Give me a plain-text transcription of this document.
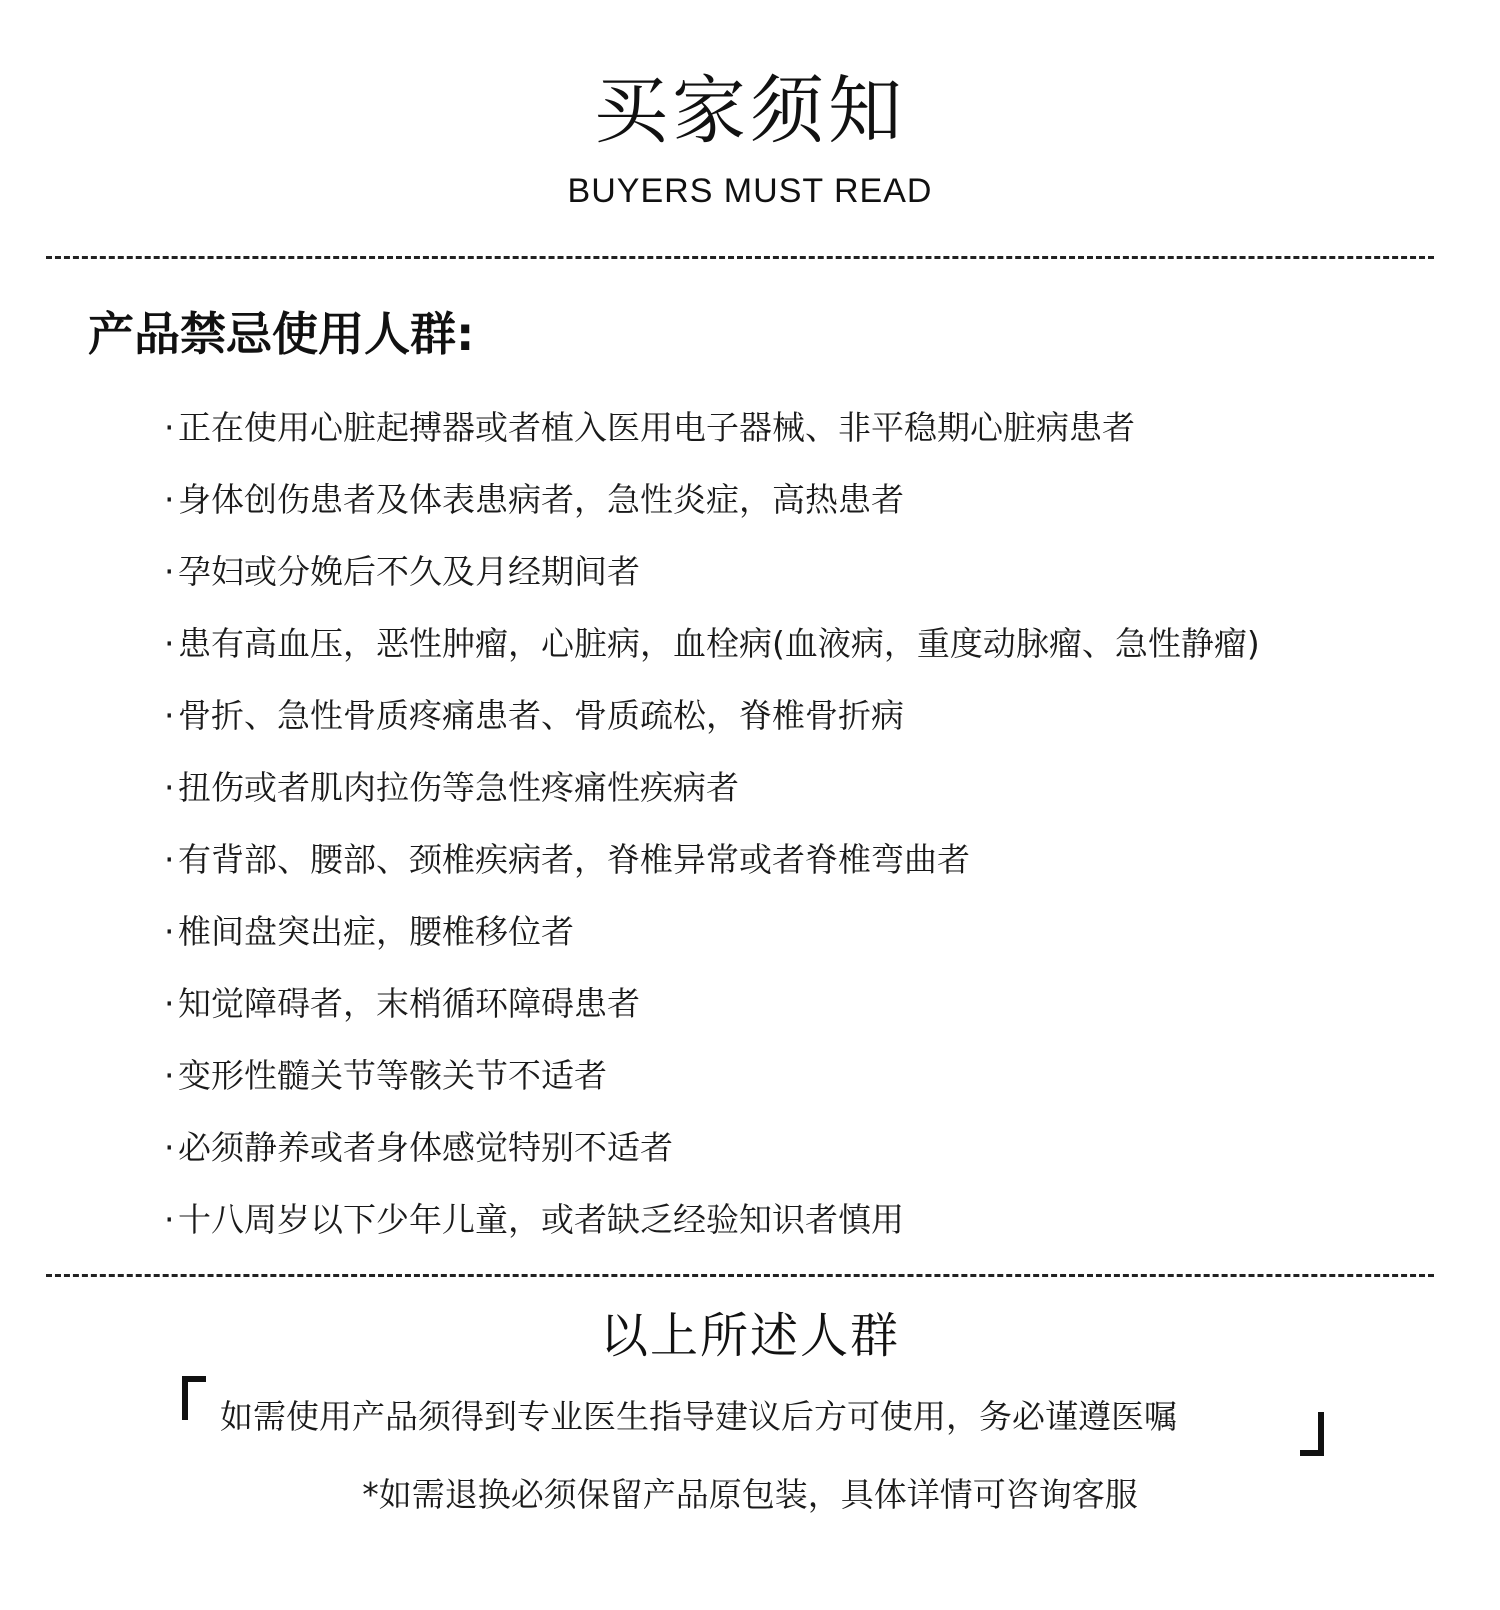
买家须知
BUYERS MUST READ
产品禁忌使用人群:
· 正在使用心脏起搏器或者植入医用电子器械、非平稳期心脏病患者
· 身体创伤患者及体表患病者，急性炎症，高热患者
· 孕妇或分娩后不久及月经期间者
· 患有高血压，恶性肿瘤，心脏病，血栓病(血液病，重度动脉瘤、急性静瘤)
· 骨折、急性骨质疼痛患者、骨质疏松，脊椎骨折病
· 扭伤或者肌肉拉伤等急性疼痛性疾病者
· 有背部、腰部、颈椎疾病者，脊椎异常或者脊椎弯曲者
· 椎间盘突出症，腰椎移位者
· 知觉障碍者，末梢循环障碍患者
· 变形性髓关节等骸关节不适者
· 必须静养或者身体感觉特别不适者
· 十八周岁以下少年儿童，或者缺乏经验知识者慎用
以上所述人群
如需使用产品须得到专业医生指导建议后方可使用，务必谨遵医嘱
*如需退换必须保留产品原包装，具体详情可咨询客服
